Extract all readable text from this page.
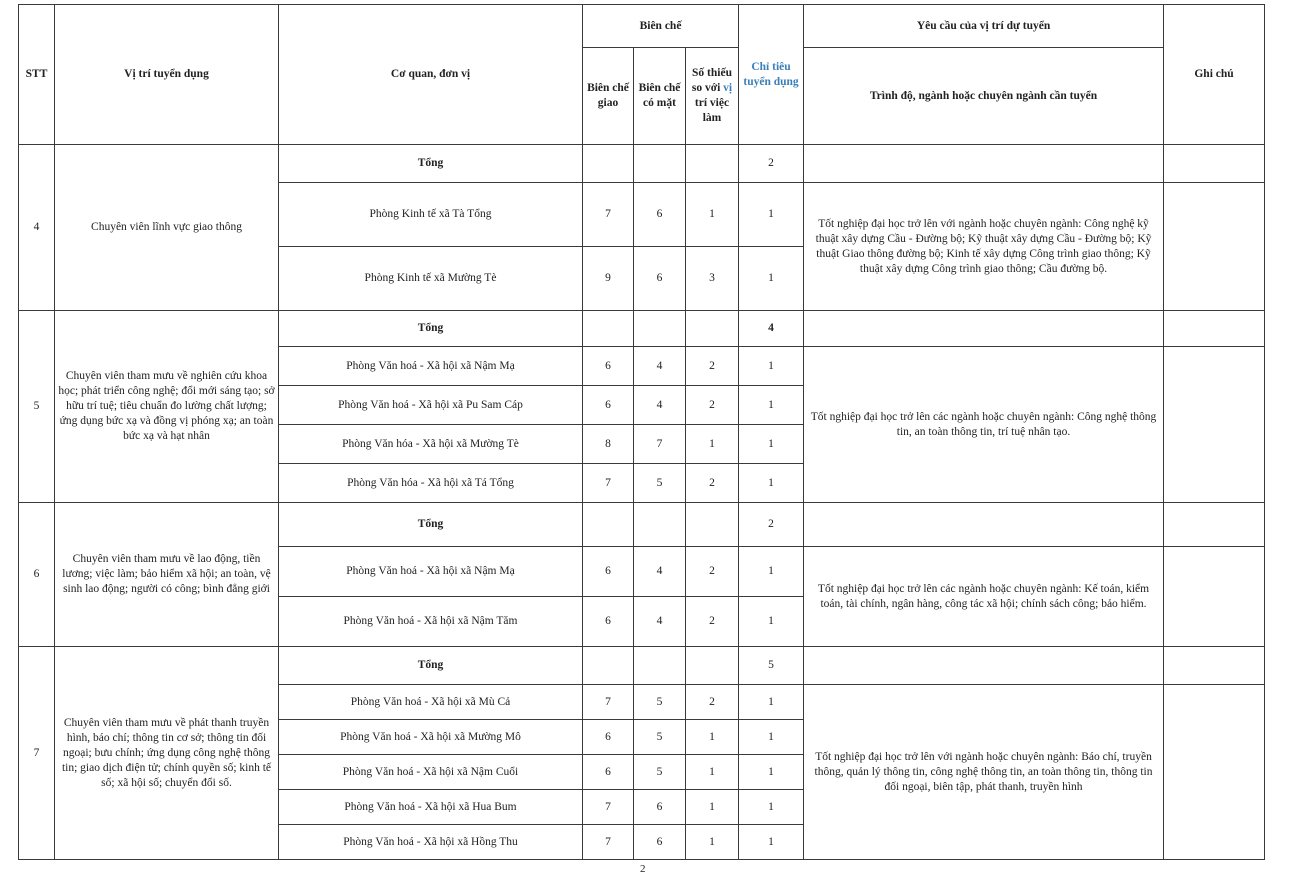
STT	Vị trí tuyển dụng	Cơ quan, đơn vị	Biên chế			Chỉ tiêu tuyển dụng	Yêu cầu của vị trí dự tuyển	Ghi chú
			Biên chế giao	Biên chế có mặt	Số thiếu so với vị trí việc làm		Trình độ, ngành hoặc chuyên ngành cần tuyển	
4	Chuyên viên lĩnh vực giao thông	Tổng				2		
		Phòng Kinh tế xã Tà Tổng	7	6	1	1	Tốt nghiệp đại học trở lên với ngành hoặc chuyên ngành: Công nghệ kỹ thuật xây dựng Cầu - Đường bộ; Kỹ thuật xây dựng Cầu - Đường bộ; Kỹ thuật Giao thông đường bộ; Kinh tế xây dựng Công trình giao thông; Kỹ thuật xây dựng Công trình giao thông; Cầu đường bộ.	
		Phòng Kinh tế xã Mường Tè	9	6	3	1		
5	Chuyên viên tham mưu về nghiên cứu khoa học; phát triển công nghệ; đổi mới sáng tạo; sở hữu trí tuệ; tiêu chuẩn đo lường chất lượng; ứng dụng bức xạ và đồng vị phóng xạ; an toàn bức xạ và hạt nhân	Tổng				4		
		Phòng Văn hoá - Xã hội xã Nậm Mạ	6	4	2	1	Tốt nghiệp đại học trở lên các ngành hoặc chuyên ngành: Công nghệ thông tin, an toàn thông tin, trí tuệ nhân tạo.	
		Phòng Văn hoá - Xã hội xã Pu Sam Cáp	6	4	2	1		
		Phòng Văn hóa - Xã hội xã Mường Tè	8	7	1	1		
		Phòng Văn hóa - Xã hội xã Tá Tổng	7	5	2	1		
6	Chuyên viên tham mưu về lao động, tiền lương; việc làm; bảo hiểm xã hội; an toàn, vệ sinh lao động; người có công; bình đẳng giới	Tổng				2		
		Phòng Văn hoá - Xã hội xã Nậm Mạ	6	4	2	1	Tốt nghiệp đại học trở lên các ngành hoặc chuyên ngành: Kế toán, kiểm toán, tài chính, ngân hàng, công tác xã hội; chính sách công; bảo hiểm.	
		Phòng Văn hoá - Xã hội xã Nậm Tăm	6	4	2	1		
7	Chuyên viên tham mưu về phát thanh truyền hình, báo chí; thông tin cơ sở; thông tin đối ngoại; bưu chính; ứng dụng công nghệ thông tin; giao dịch điện tử; chính quyền số; kinh tế số; xã hội số; chuyển đổi số.	Tổng				5		
		Phòng Văn hoá - Xã hội xã Mù Cả	7	5	2	1	Tốt nghiệp đại học trở lên với ngành hoặc chuyên ngành: Báo chí, truyền thông, quản lý thông tin, công nghệ thông tin, an toàn thông tin, thông tin đối ngoại, biên tập, phát thanh, truyền hình	
		Phòng Văn hoá - Xã hội xã Mường Mô	6	5	1	1		
		Phòng Văn hoá - Xã hội xã Nậm Cuổi	6	5	1	1		
		Phòng Văn hoá - Xã hội xã Hua Bum	7	6	1	1		
		Phòng Văn hoá - Xã hội xã Hồng Thu	7	6	1	1		
2
